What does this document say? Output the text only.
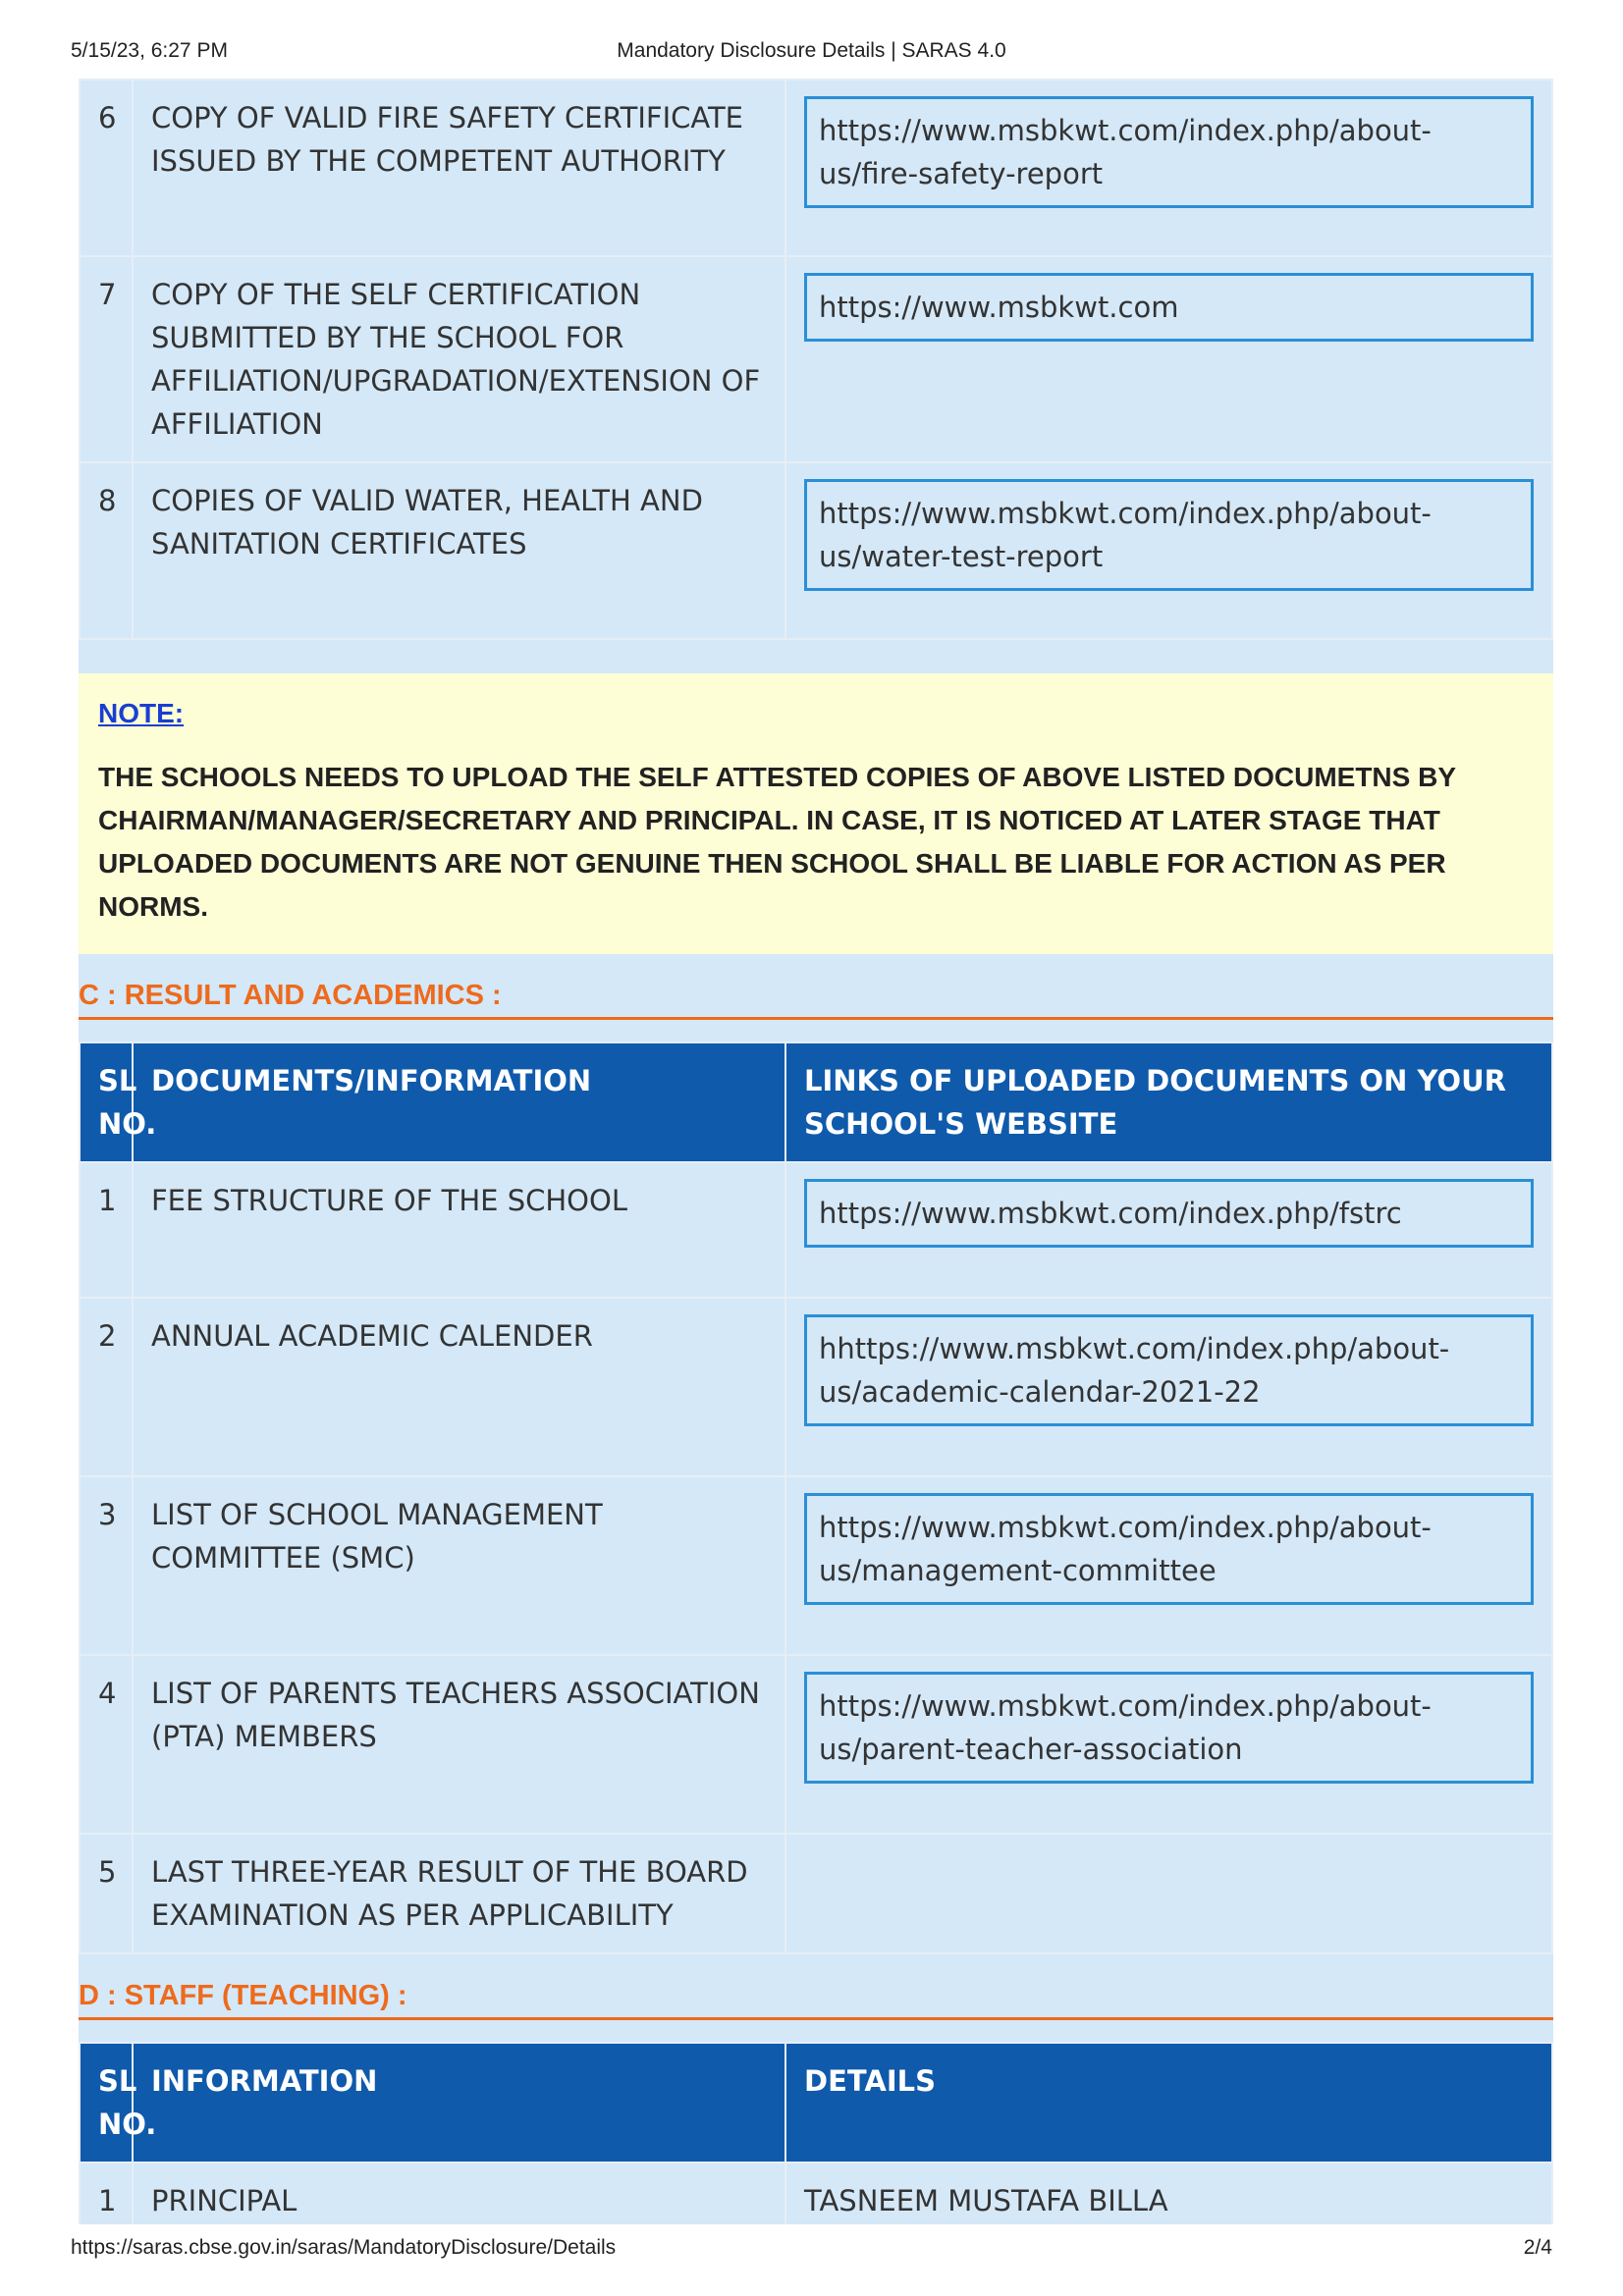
5/15/23, 6:27 PM	Mandatory Disclosure Details | SARAS 4.0
6	COPY OF VALID FIRE SAFETY CERTIFICATE ISSUED BY THE COMPETENT AUTHORITY	https://www.msbkwt.com/index.php/about-us/fire-safety-report

7	COPY OF THE SELF CERTIFICATION SUBMITTED BY THE SCHOOL FOR AFFILIATION/UPGRADATION/EXTENSION OF AFFILIATION	https://www.msbkwt.com

8	COPIES OF VALID WATER, HEALTH AND SANITATION CERTIFICATES	https://www.msbkwt.com/index.php/about-us/water-test-report
NOTE:
THE SCHOOLS NEEDS TO UPLOAD THE SELF ATTESTED COPIES OF ABOVE LISTED DOCUMETNS BY CHAIRMAN/MANAGER/SECRETARY AND PRINCIPAL. IN CASE, IT IS NOTICED AT LATER STAGE THAT UPLOADED DOCUMENTS ARE NOT GENUINE THEN SCHOOL SHALL BE LIABLE FOR ACTION AS PER NORMS.
C : RESULT AND ACADEMICS :
SL NO.	DOCUMENTS/INFORMATION	LINKS OF UPLOADED DOCUMENTS ON YOUR SCHOOL'S WEBSITE
1	FEE STRUCTURE OF THE SCHOOL	https://www.msbkwt.com/index.php/fstrc

2	ANNUAL ACADEMIC CALENDER	hhttps://www.msbkwt.com/index.php/about-us/academic-calendar-2021-22

3	LIST OF SCHOOL MANAGEMENT COMMITTEE (SMC)	https://www.msbkwt.com/index.php/about-us/management-committee

4	LIST OF PARENTS TEACHERS ASSOCIATION (PTA) MEMBERS	https://www.msbkwt.com/index.php/about-us/parent-teacher-association

5	LAST THREE-YEAR RESULT OF THE BOARD EXAMINATION AS PER APPLICABILITY	
D : STAFF (TEACHING) :
SL NO.	INFORMATION	DETAILS
1	PRINCIPAL	TASNEEM MUSTAFA BILLA
https://saras.cbse.gov.in/saras/MandatoryDisclosure/Details	2/4
